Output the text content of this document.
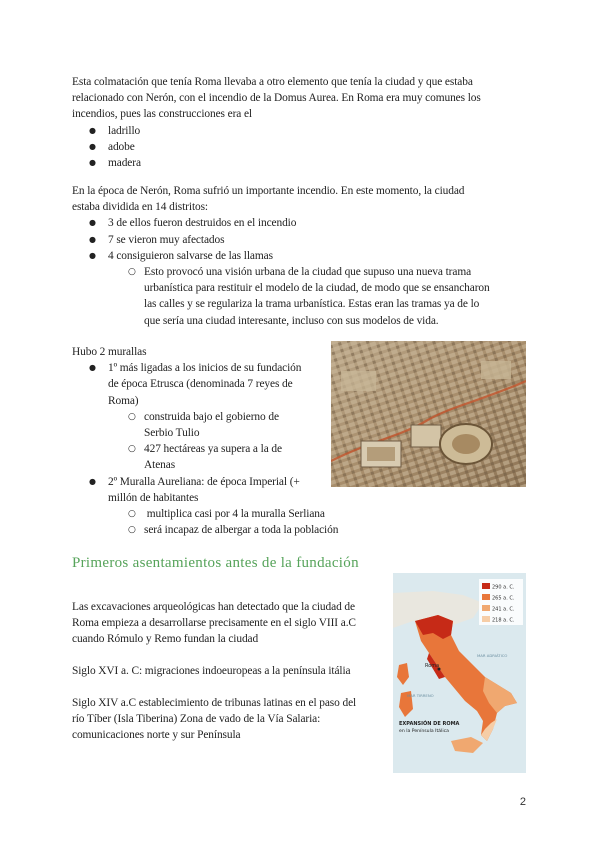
Esta colmatación que tenía Roma llevaba a otro elemento que tenía la ciudad y que estaba

relacionado con Nerón, con el incendio de la Domus Aurea. En Roma era muy comunes los

incendios, pues las construcciones era el

● ladrillo
● adobe
● madera

En la época de Nerón, Roma sufrió un importante incendio. En este momento, la ciudad

estaba dividida en 14 distritos:

● 3 de ellos fueron destruidos en el incendio
● 7 se vieron muy afectados
● 4 consiguieron salvarse de las llamas
○ Esto provocó una visión urbana de la ciudad que supuso una nueva trama
urbanística para restituir el modelo de la ciudad, de modo que se ensancharon
las calles y se regulariza la trama urbanística. Estas eran las tramas ya de lo
que sería una ciudad interesante, incluso con sus modelos de vida.

Hubo 2 murallas

● 1º más ligadas a los inicios de su fundación
de época Etrusca (denominada 7 reyes de
Roma)
○ construida bajo el gobierno de
Serbio Tulio
○ 427 hectáreas ya supera a la de
Atenas
● 2º Muralla Aureliana: de época Imperial (+
millón de habitantes
○  multiplica casi por 4 la muralla Serliana
○ será incapaz de albergar a toda la población
Primeros asentamientos antes de la fundación

Las excavaciones arqueológicas han detectado que la ciudad de

Roma empieza a desarrollarse precisamente en el siglo VIII a.C

cuando Rómulo y Remo fundan la ciudad

Siglo XVI a. C: migraciones indoeuropeas a la península itália

Siglo XIV a.C establecimiento de tribunas latinas en el paso del

río Tíber (Isla Tiberina) Zona de vado de la Vía Salaria:

comunicaciones norte y sur Península

290 a. C.
265 a. C.
241 a. C.
218 a. C.
Roma
MAR TIRRENO
MAR ADRIÁTICO
EXPANSIÓN DE ROMA
en la Península Itálica
2
